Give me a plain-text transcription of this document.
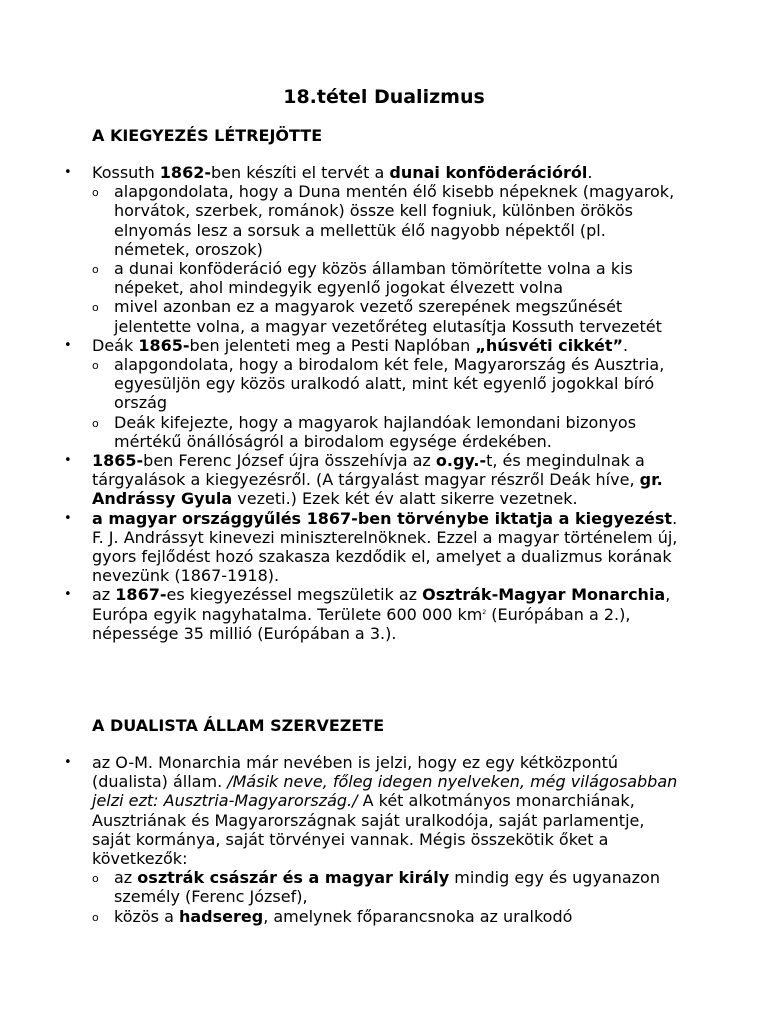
18.tétel Dualizmus
A KIEGYEZÉS LÉTREJÖTTE
• Kossuth 1862-ben készíti el tervét a dunai konföderációról.
o alapgondolata, hogy a Duna mentén élő kisebb népeknek (magyarok, horvátok, szerbek, románok) össze kell fogniuk, különben örökös elnyomás lesz a sorsuk a mellettük élő nagyobb népektől (pl. németek, oroszok)
o a dunai konföderáció egy közös államban tömörítette volna a kis népeket, ahol mindegyik egyenlő jogokat élvezett volna
o mivel azonban ez a magyarok vezető szerepének megszűnését jelentette volna, a magyar vezetőréteg elutasítja Kossuth tervezetét
• Deák 1865-ben jelenteti meg a Pesti Naplóban „húsvéti cikkét”.
o alapgondolata, hogy a birodalom két fele, Magyarország és Ausztria, egyesüljön egy közös uralkodó alatt, mint két egyenlő jogokkal bíró ország
o Deák kifejezte, hogy a magyarok hajlandóak lemondani bizonyos mértékű önállóságról a birodalom egysége érdekében.
• 1865-ben Ferenc József újra összehívja az o.gy.-t, és megindulnak a tárgyalások a kiegyezésről. (A tárgyalást magyar részről Deák híve, gr. Andrássy Gyula vezeti.) Ezek két év alatt sikerre vezetnek.
• a magyar országgyűlés 1867-ben törvénybe iktatja a kiegyezést. F. J. Andrássyt kinevezi miniszterelnöknek. Ezzel a magyar történelem új, gyors fejlődést hozó szakasza kezdődik el, amelyet a dualizmus korának nevezünk (1867-1918).
• az 1867-es kiegyezéssel megszületik az Osztrák-Magyar Monarchia, Európa egyik nagyhatalma. Területe 600 000 $km^2$ (Európában a 2.), népessége 35 millió (Európában a 3.).
A DUALISTA ÁLLAM SZERVEZETE
• az O-M. Monarchia már nevében is jelzi, hogy ez egy kétközpontú (dualista) állam. /Másik neve, főleg idegen nyelveken, még világosabban jelzi ezt: Ausztria-Magyarország./ A két alkotmányos monarchiának, Ausztriának és Magyarországnak saját uralkodója, saját parlamentje, saját kormánya, saját törvényei vannak. Mégis összekötik őket a következők:
o az osztrák császár és a magyar király mindig egy és ugyanazon személy (Ferenc József),
o közös a hadsereg, amelynek főparancsnoka az uralkodó
